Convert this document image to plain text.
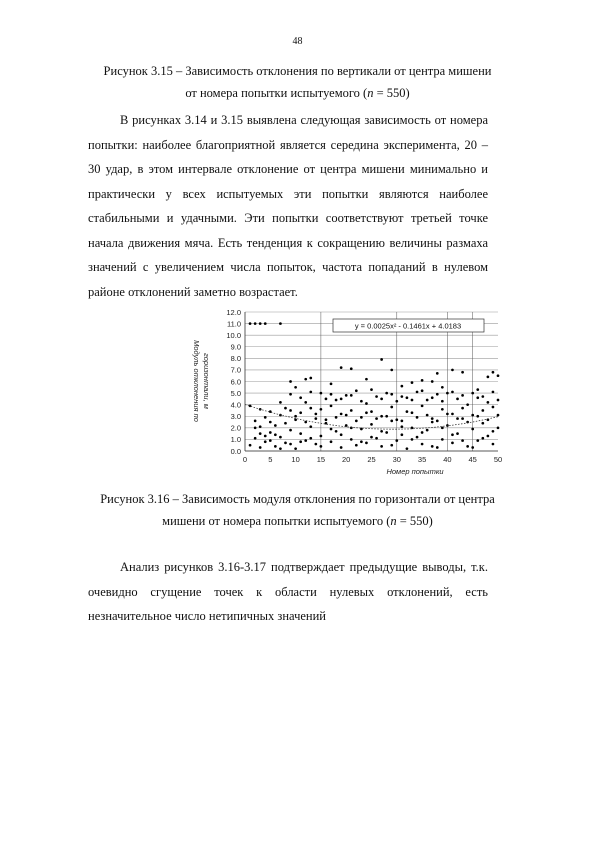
48
Рисунок 3.15 – Зависимость отклонения по вертикали от центра мишени
от номера попытки испытуемого (n = 550)

В рисунках 3.14 и 3.15 выявлена следующая зависимость от номера попытки: наиболее благоприятной является середина эксперимента, 20 – 30 удар, в этом интервале отклонение от центра мишени минимально и практически у всех испытуемых эти попытки являются наиболее стабильными и удачными. Эти попытки соответствуют третьей точке начала движения мяча. Есть тенденция к сокращению величины размаха значений с увеличением числа попыток, частота попаданий в нулевом районе отклонений заметно возрастает.

0.0
1.0
2.0
3.0
4.0
5.0
6.0
7.0
8.0
9.0
10.0
11.0
12.0
0	5	10 15 20 25 30 35 40 45 50
Модуль отклонения по горизонтали, м
Номер попытки
y = 0.0025x² - 0.1461x + 4.0183
Рисунок 3.16 – Зависимость модуля отклонения по горизонтали от центра
мишени от номера попытки испытуемого (n = 550)

Анализ рисунков 3.16-3.17 подтверждает предыдущие выводы, т.к. очевидно сгущение точек к области нулевых отклонений, есть незначительное число нетипичных значений
